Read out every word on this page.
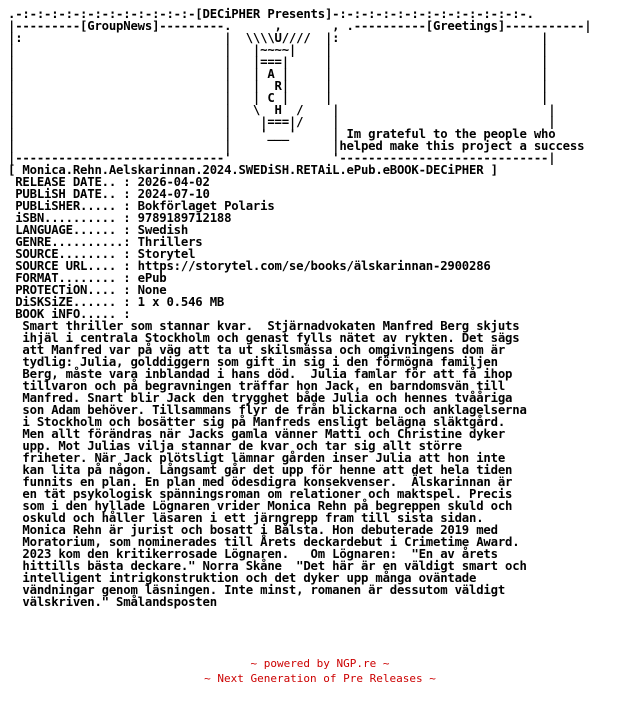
.-:-:-:-:-:-:-:-:-:-:-:-:-[DECiPHER Presents]-:-:-:-:-:-:-:-:-:-:-:-:-:-.
|---------[GroupNews]---------.      ,       , .----------[Greetings]-----------|
|:                            |  \\\\U////  |:                            |
|                             |   |~~~~|    |                             |
|                             |   |===|     |                             |
|                             |   | A |     |                             |
|                             |   |  R|     |                             |
|                             |   | C |     |                             |
|                             |   \  H  /    |                             |
|                             |    |===|/    |                             |
|                             |    '___'     | Im grateful to the people who
|                             |              |helped make this project a success
|-----------------------------'              '-----------------------------|
[ Monica.Rehn.Aelskarinnan.2024.SWEDiSH.RETAiL.ePub.eBOOK-DECiPHER ]
RELEASE DATE.. : 2026-04-02
PUBLiSH DATE.. : 2024-07-10
PUBLiSHER..... : Bokförlaget Polaris
iSBN.......... : 9789189712188
LANGUAGE...... : Swedish
GENRE..........: Thrillers
SOURCE........ : Storytel
SOURCE URL.... : https://storytel.com/se/books/älskarinnan-2900286
FORMAT........ : ePub
PROTECTiON.... : None
DiSKSiZE...... : 1 x 0.546 MB
BOOK iNFO..... :
Smart thriller som stannar kvar.  Stjärnadvokaten Manfred Berg skjuts
ihjäl i centrala Stockholm och genast fylls nätet av rykten. Det sägs
att Manfred var på väg att ta ut skilsmässa och omgivningens dom är
tydlig: Julia, golddiggern som gift in sig i den förmögna familjen
Berg, måste vara inblandad i hans död.  Julia famlar för att få ihop
tillvaron och på begravningen träffar hon Jack, en barndomsvän till
Manfred. Snart blir Jack den trygghet både Julia och hennes tvååriga
son Adam behöver. Tillsammans flyr de från blickarna och anklagelserna
i Stockholm och bosätter sig på Manfreds ensligt belägna släktgård.
Men allt förändras när Jacks gamla vänner Matti och Christine dyker
upp. Mot Julias vilja stannar de kvar och tar sig allt större
friheter. När Jack plötsligt lämnar gården inser Julia att hon inte
kan lita på någon. Långsamt går det upp för henne att det hela tiden
funnits en plan. En plan med ödesdigra konsekvenser.  Älskarinnan är
en tät psykologisk spänningsroman om relationer och maktspel. Precis
som i den hyllade Lögnaren vrider Monica Rehn på begreppen skuld och
oskuld och håller läsaren i ett järngrepp fram till sista sidan.
Monica Rehn är jurist och bosatt i Bålsta. Hon debuterade 2019 med
Moratorium, som nominerades till Årets deckardebut i Crimetime Award.
2023 kom den kritikerrosade Lögnaren.   Om Lögnaren:  "En av årets
hittills bästa deckare." Norra Skåne  "Det här är en väldigt smart och
intelligent intrigkonstruktion och det dyker upp många oväntade
vändningar genom läsningen. Inte minst, romanen är dessutom väldigt
välskriven." Smålandsposten
~ powered by NGP.re ~
~ Next Generation of Pre Releases ~
